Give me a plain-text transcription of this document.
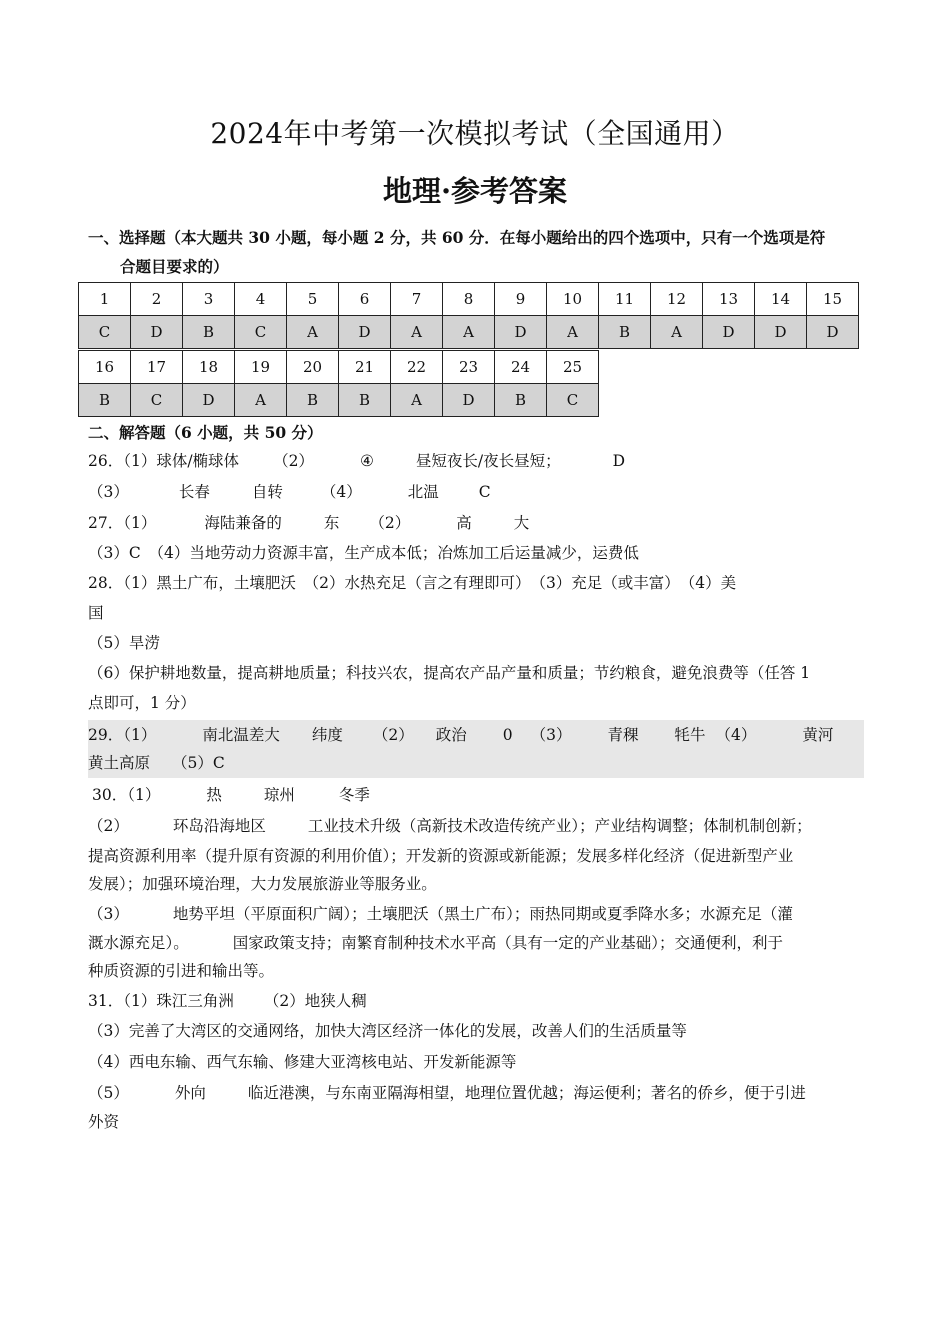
2024年中考第一次模拟考试（全国通用）
地理·参考答案
一、选择题（本大题共 30 小题，每小题 2 分，共 60 分．在每小题给出的四个选项中，只有一个选项是符
合题目要求的）
1	2	3	4	5	6	7	8	9	10	11	12	13	14	15
C	D	B	C	A	D	A	A	D	A	B	A	D	D	D
16	17	18	19	20	21	22	23	24	25
B	C	D	A	B	B	A	D	B	C
二、解答题（6 小题，共 50 分）
26．（1）球体/椭球体 （2）	④	昼短夜长/夜长昼短；	D
（3）	长春	自转 （4）	北温	C
27．（1）	海陆兼备的	东 （2）	高	大
（3）C　（4）当地劳动力资源丰富，生产成本低；冶炼加工后运量减少，运费低
28．（1）黑土广布，土壤肥沃　（2）水热充足（言之有理即可）　（3）充足（或丰富）　（4）美
国
（5）旱涝
（6）保护耕地数量，提高耕地质量；科技兴农，提高农产品产量和质量；节约粮食，避免浪费等（任答 1
点即可，1 分）
29．（1）	南北温差大 纬度 （2） 政治 0 （3） 青稞 牦牛 （4）	黄河
黄土高原 （5）C
30．（1）	热	琼州	冬季
（2）	环岛沿海地区	工业技术升级（高新技术改造传统产业）；产业结构调整；体制机制创新；
提高资源利用率（提升原有资源的利用价值）；开发新的资源或新能源；发展多样化经济（促进新型产业
发展）；加强环境治理，大力发展旅游业等服务业。
（3）	地势平坦（平原面积广阔）；土壤肥沃（黑土广布）；雨热同期或夏季降水多；水源充足（灌
溉水源充足）。	国家政策支持；南繁育制种技术水平高（具有一定的产业基础）；交通便利，利于
种质资源的引进和输出等。
31．（1）珠江三角洲 （2）地狭人稠
（3）完善了大湾区的交通网络，加快大湾区经济一体化的发展，改善人们的生活质量等
（4）西电东输、西气东输、修建大亚湾核电站、开发新能源等
（5）	外向	临近港澳，与东南亚隔海相望，地理位置优越；海运便利；著名的侨乡，便于引进
外资
